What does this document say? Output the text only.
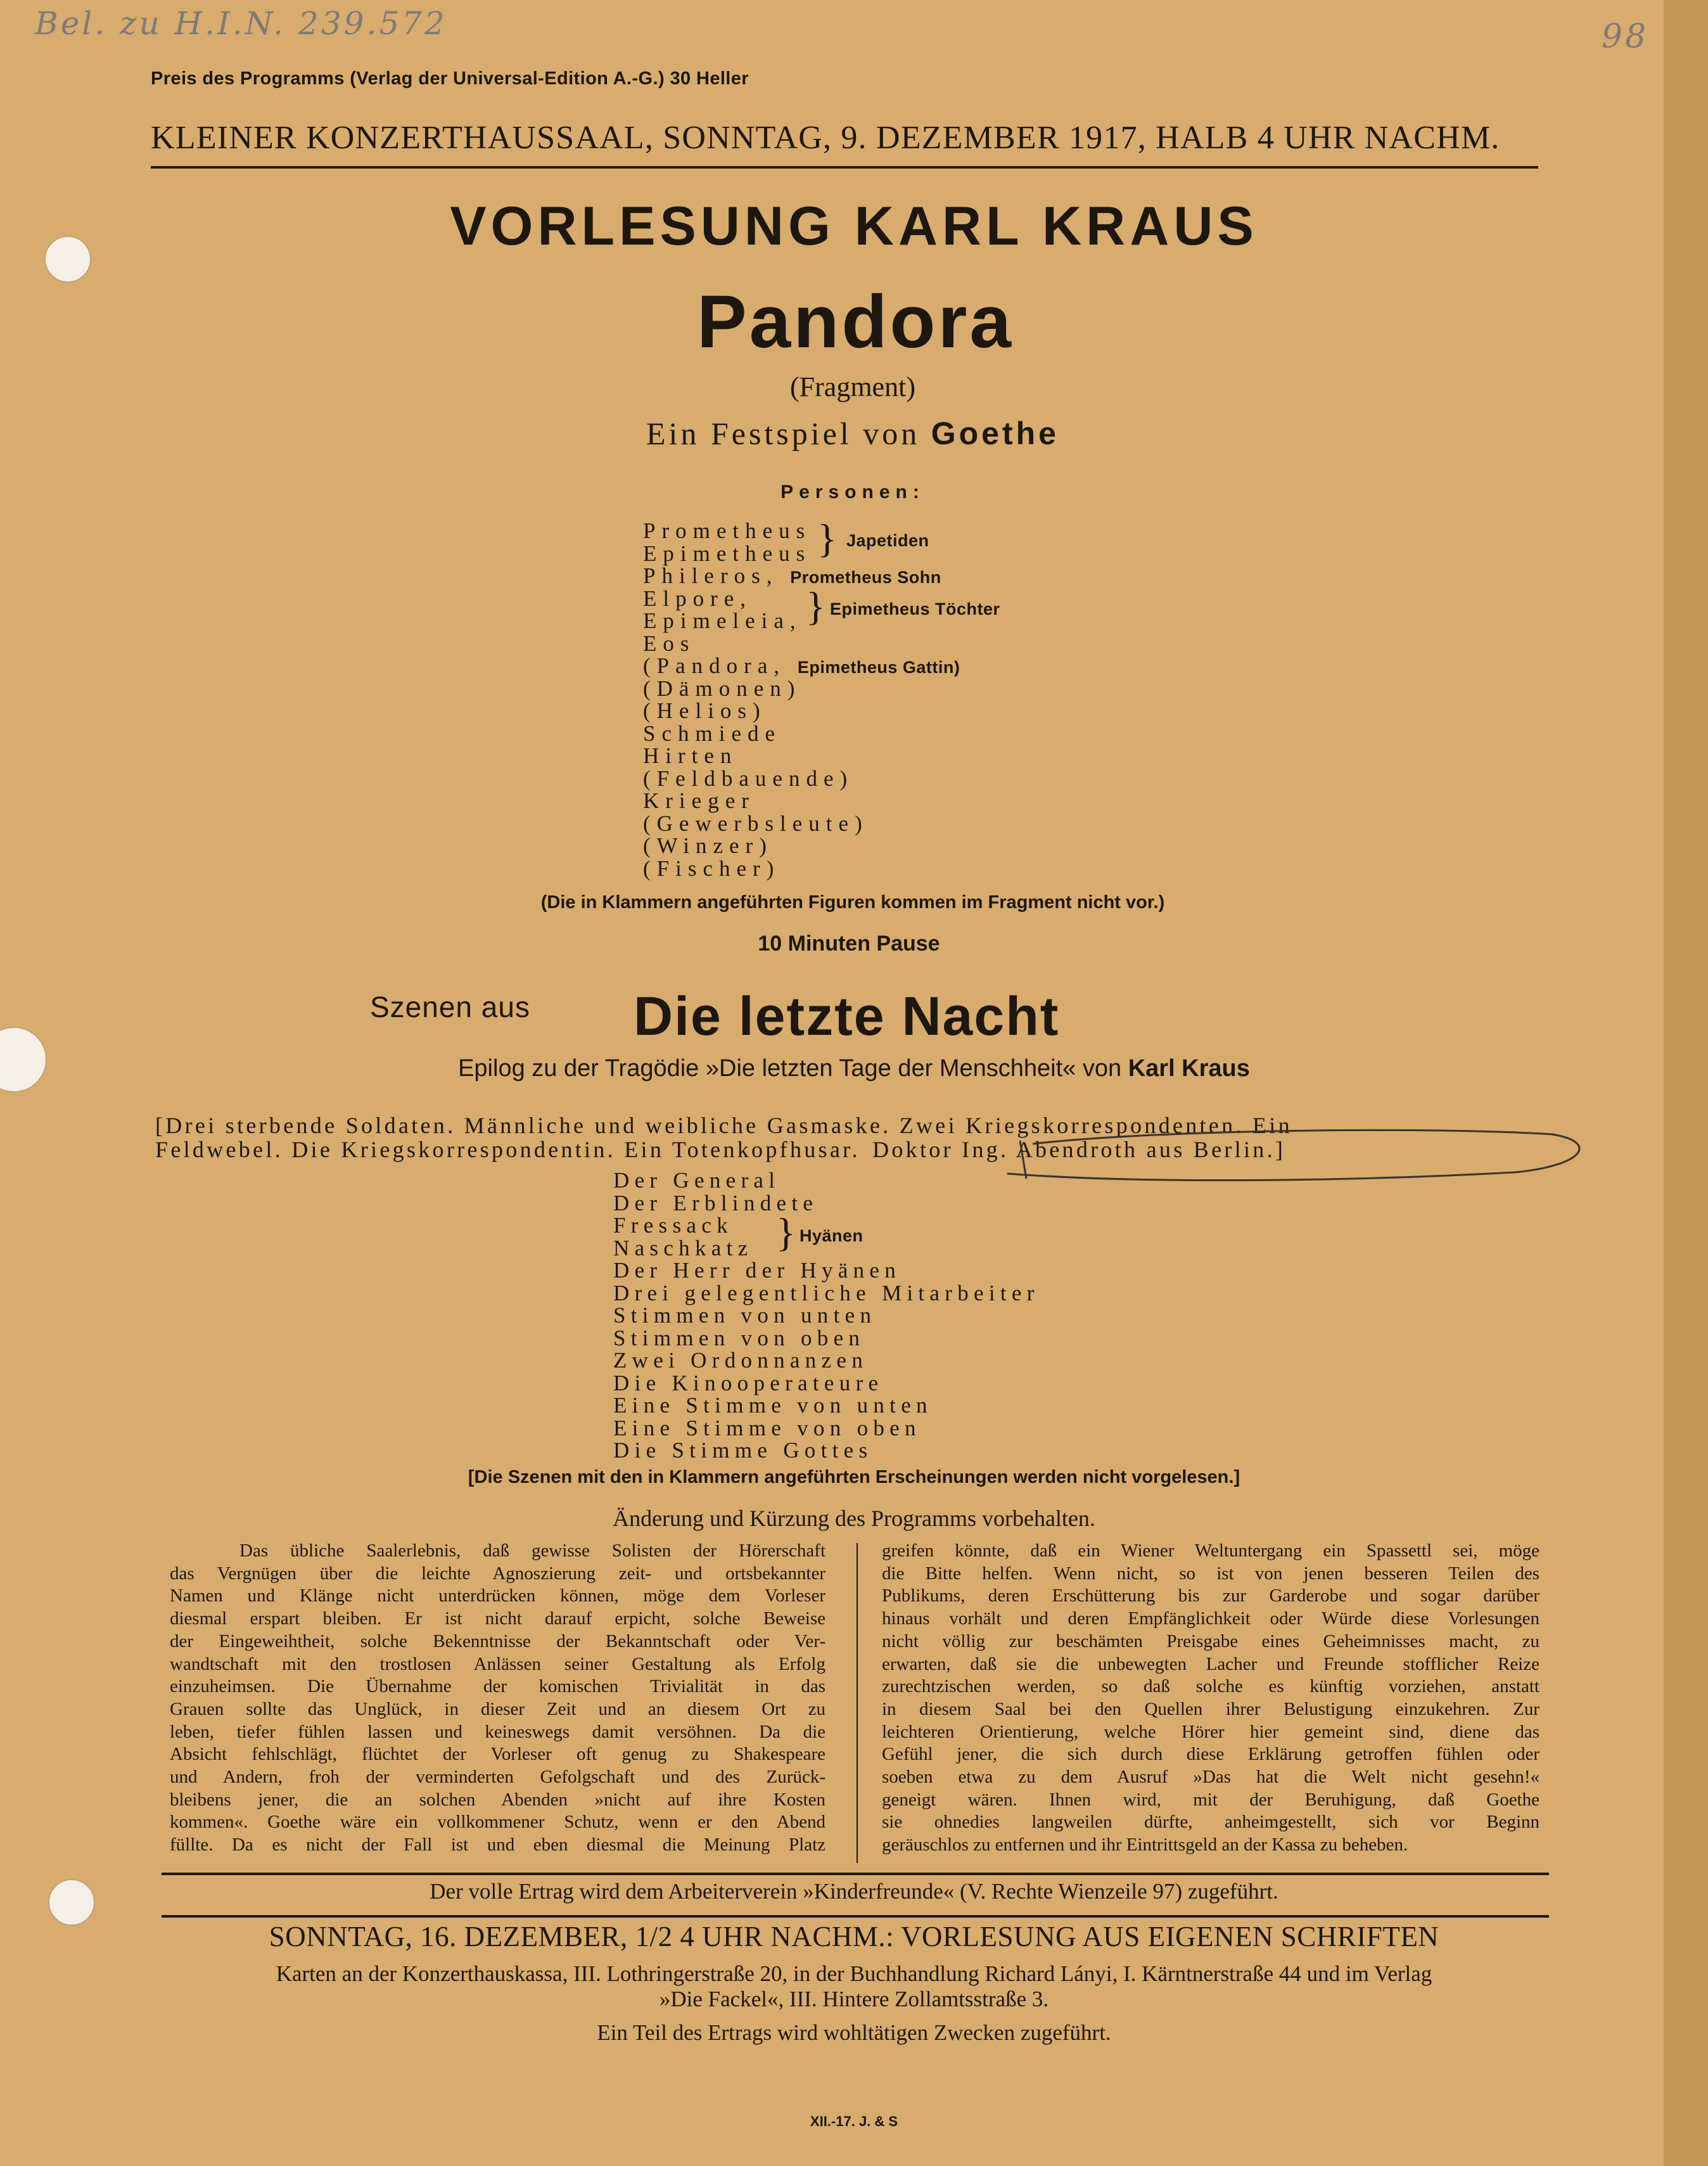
Bel. zu H.I.N. 239.572	98
Preis des Programms (Verlag der Universal-Edition A.-G.) 30 Heller
KLEINER KONZERTHAUSSAAL, SONNTAG, 9. DEZEMBER 1917, HALB 4 UHR NACHM.
VORLESUNG KARL KRAUS
Pandora
(Fragment)
Ein Festspiel von Goethe
Personen:
Prometheus
Epimetheus
Phileros, Prometheus Sohn
Elpore,
Epimeleia,
Eos
(Pandora, Epimetheus Gattin)
(Dämonen)
(Helios)
Schmiede
Hirten
(Feldbauende)
Krieger
(Gewerbsleute)
(Winzer)
(Fischer)
} Japetiden
} Epimetheus Töchter
(Die in Klammern angeführten Figuren kommen im Fragment nicht vor.)
10 Minuten Pause
Szenen aus Die letzte Nacht
Epilog zu der Tragödie »Die letzten Tage der Menschheit« von Karl Kraus
[Drei sterbende Soldaten. Männliche und weibliche Gasmaske. Zwei Kriegskorrespondenten. Ein
Feldwebel. Die Kriegskorrespondentin. Ein Totenkopfhusar. Doktor Ing. Abendroth aus Berlin.]
Der General
Der Erblindete
Fressack
Naschkatz
Der Herr der Hyänen
Drei gelegentliche Mitarbeiter
Stimmen von unten
Stimmen von oben
Zwei Ordonnanzen
Die Kinooperateure
Eine Stimme von unten
Eine Stimme von oben
Die Stimme Gottes
} Hyänen
[Die Szenen mit den in Klammern angeführten Erscheinungen werden nicht vorgelesen.]
Änderung und Kürzung des Programms vorbehalten.
Das übliche Saalerlebnis, daß gewisse Solisten der Hörerschaft
das Vergnügen über die leichte Agnoszierung zeit- und ortsbekannter
Namen und Klänge nicht unterdrücken können, möge dem Vorleser
diesmal erspart bleiben. Er ist nicht darauf erpicht, solche Beweise
der Eingeweihtheit, solche Bekenntnisse der Bekanntschaft oder Ver-
wandtschaft mit den trostlosen Anlässen seiner Gestaltung als Erfolg
einzuheimsen. Die Übernahme der komischen Trivialität in das
Grauen sollte das Unglück, in dieser Zeit und an diesem Ort zu
leben, tiefer fühlen lassen und keineswegs damit versöhnen. Da die
Absicht fehlschlägt, flüchtet der Vorleser oft genug zu Shakespeare
und Andern, froh der verminderten Gefolgschaft und des Zurück-
bleibens jener, die an solchen Abenden »nicht auf ihre Kosten
kommen«. Goethe wäre ein vollkommener Schutz, wenn er den Abend
füllte. Da es nicht der Fall ist und eben diesmal die Meinung Platz
greifen könnte, daß ein Wiener Weltuntergang ein Spassettl sei, möge
die Bitte helfen. Wenn nicht, so ist von jenen besseren Teilen des
Publikums, deren Erschütterung bis zur Garderobe und sogar darüber
hinaus vorhält und deren Empfänglichkeit oder Würde diese Vorlesungen
nicht völlig zur beschämten Preisgabe eines Geheimnisses macht, zu
erwarten, daß sie die unbewegten Lacher und Freunde stofflicher Reize
zurechtzischen werden, so daß solche es künftig vorziehen, anstatt
in diesem Saal bei den Quellen ihrer Belustigung einzukehren. Zur
leichteren Orientierung, welche Hörer hier gemeint sind, diene das
Gefühl jener, die sich durch diese Erklärung getroffen fühlen oder
soeben etwa zu dem Ausruf »Das hat die Welt nicht gesehn!«
geneigt wären. Ihnen wird, mit der Beruhigung, daß Goethe
sie ohnedies langweilen dürfte, anheimgestellt, sich vor Beginn
geräuschlos zu entfernen und ihr Eintrittsgeld an der Kassa zu beheben.
Der volle Ertrag wird dem Arbeiterverein »Kinderfreunde« (V. Rechte Wienzeile 97) zugeführt.
SONNTAG, 16. DEZEMBER, 1/2 4 UHR NACHM.: VORLESUNG AUS EIGENEN SCHRIFTEN
Karten an der Konzerthauskassa, III. Lothringerstraße 20, in der Buchhandlung Richard Lányi, I. Kärntnerstraße 44 und im Verlag
»Die Fackel«, III. Hintere Zollamtsstraße 3.
Ein Teil des Ertrags wird wohltätigen Zwecken zugeführt.
XII.-17. J. & S
